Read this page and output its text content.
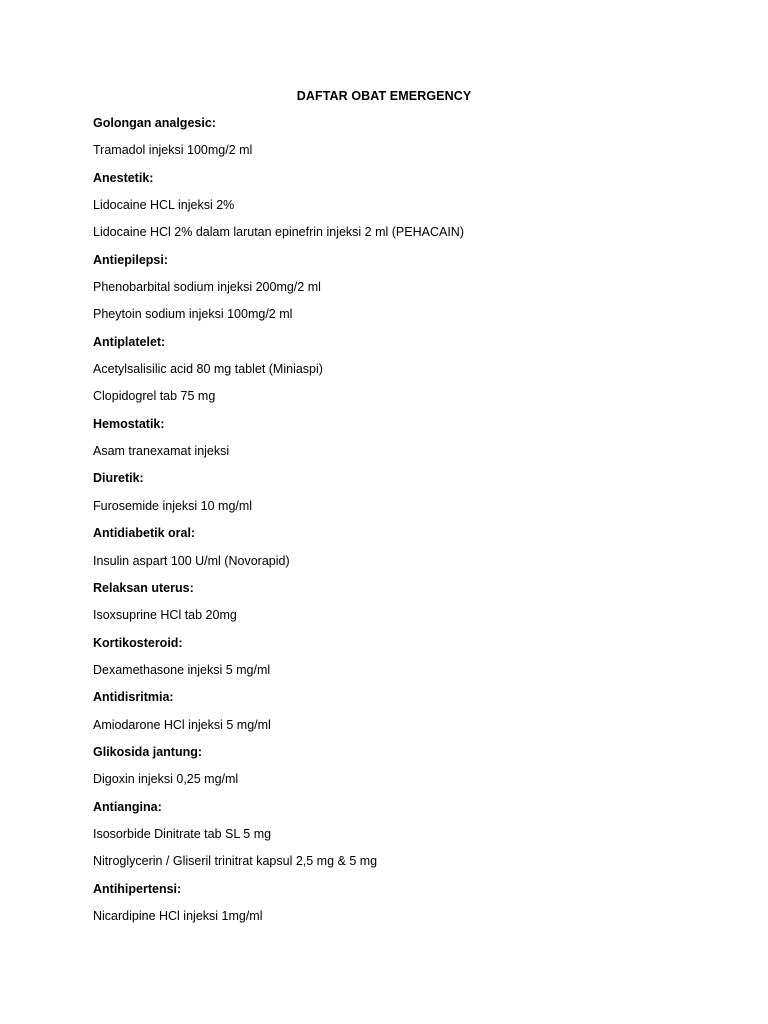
DAFTAR OBAT EMERGENCY
Golongan analgesic:
Tramadol injeksi 100mg/2 ml
Anestetik:
Lidocaine HCL injeksi 2%
Lidocaine HCl 2% dalam larutan epinefrin injeksi 2 ml (PEHACAIN)
Antiepilepsi:
Phenobarbital sodium injeksi 200mg/2 ml
Pheytoin sodium injeksi 100mg/2 ml
Antiplatelet:
Acetylsalisilic acid 80 mg tablet (Miniaspi)
Clopidogrel tab 75 mg
Hemostatik:
Asam tranexamat injeksi
Diuretik:
Furosemide injeksi 10 mg/ml
Antidiabetik oral:
Insulin aspart 100 U/ml (Novorapid)
Relaksan uterus:
Isoxsuprine HCl tab 20mg
Kortikosteroid:
Dexamethasone injeksi 5 mg/ml
Antidisritmia:
Amiodarone HCl injeksi 5 mg/ml
Glikosida jantung:
Digoxin injeksi 0,25 mg/ml
Antiangina:
Isosorbide Dinitrate tab SL 5 mg
Nitroglycerin / Gliseril trinitrat kapsul 2,5 mg & 5 mg
Antihipertensi:
Nicardipine HCl injeksi 1mg/ml
